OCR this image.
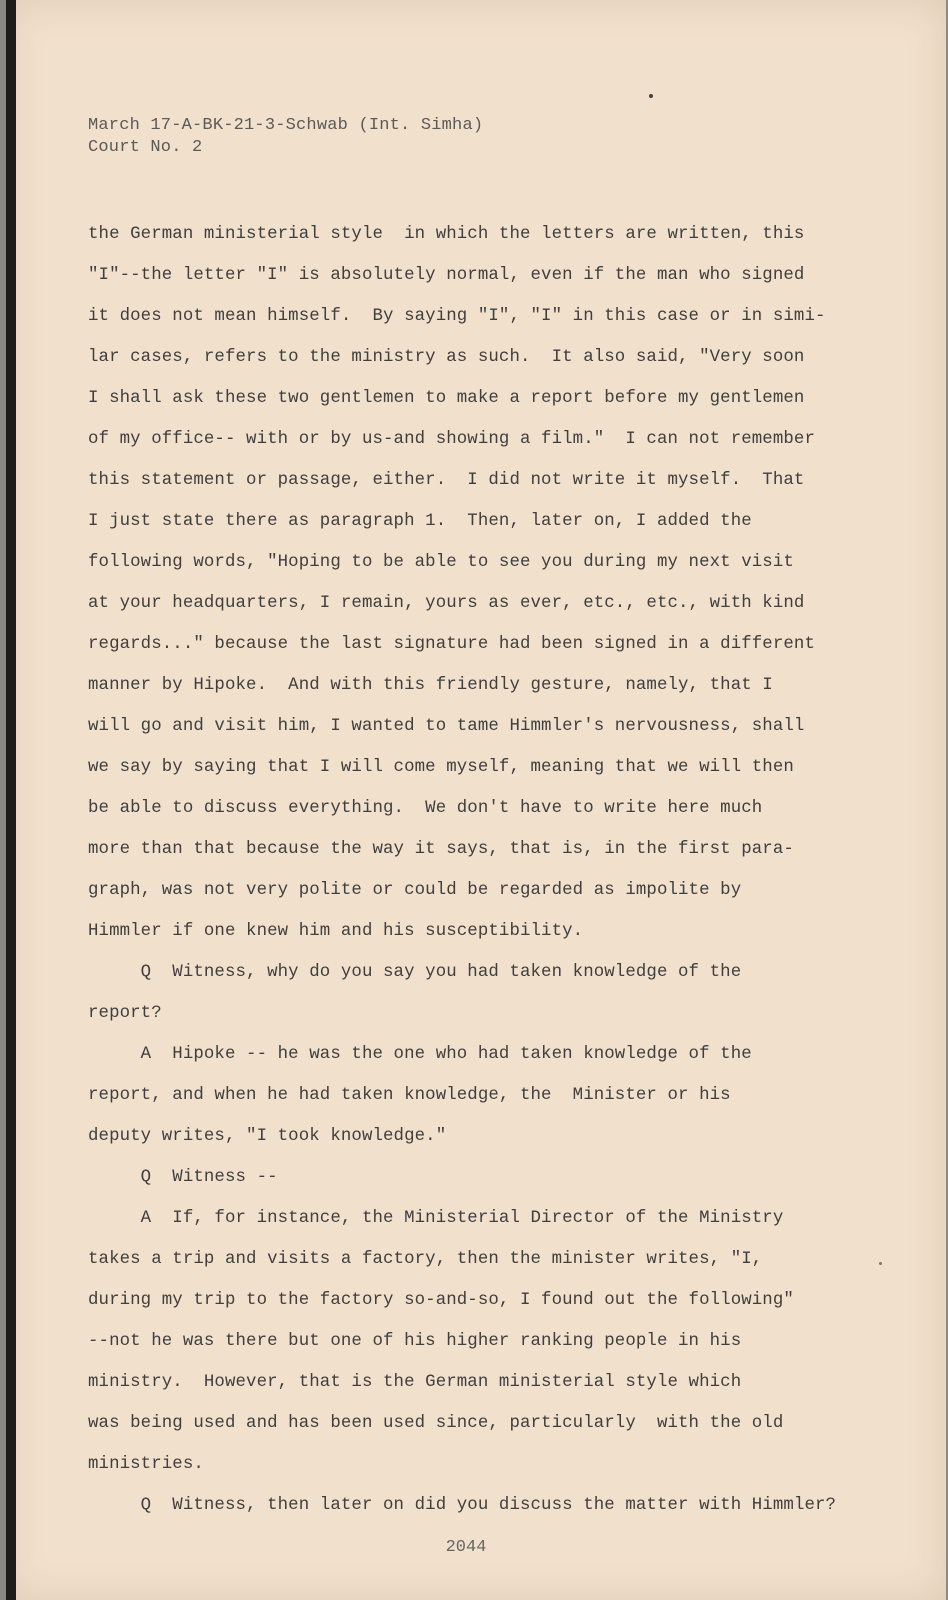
March 17-A-BK-21-3-Schwab (Int. Simha)
Court No. 2
the German ministerial style  in which the letters are written, this
"I"--the letter "I" is absolutely normal, even if the man who signed
it does not mean himself.  By saying "I", "I" in this case or in simi-
lar cases, refers to the ministry as such.  It also said, "Very soon
I shall ask these two gentlemen to make a report before my gentlemen
of my office-- with or by us-and showing a film."  I can not remember
this statement or passage, either.  I did not write it myself.  That
I just state there as paragraph 1.  Then, later on, I added the
following words, "Hoping to be able to see you during my next visit
at your headquarters, I remain, yours as ever, etc., etc., with kind
regards..." because the last signature had been signed in a different
manner by Hipoke.  And with this friendly gesture, namely, that I
will go and visit him, I wanted to tame Himmler's nervousness, shall
we say by saying that I will come myself, meaning that we will then
be able to discuss everything.  We don't have to write here much
more than that because the way it says, that is, in the first para-
graph, was not very polite or could be regarded as impolite by
Himmler if one knew him and his susceptibility.
Q  Witness, why do you say you had taken knowledge of the
report?
A  Hipoke -- he was the one who had taken knowledge of the
report, and when he had taken knowledge, the  Minister or his
deputy writes, "I took knowledge."
Q  Witness --
A  If, for instance, the Ministerial Director of the Ministry
takes a trip and visits a factory, then the minister writes, "I,
during my trip to the factory so-and-so, I found out the following"
--not he was there but one of his higher ranking people in his
ministry.  However, that is the German ministerial style which
was being used and has been used since, particularly  with the old
ministries.
Q  Witness, then later on did you discuss the matter with Himmler?
2044
